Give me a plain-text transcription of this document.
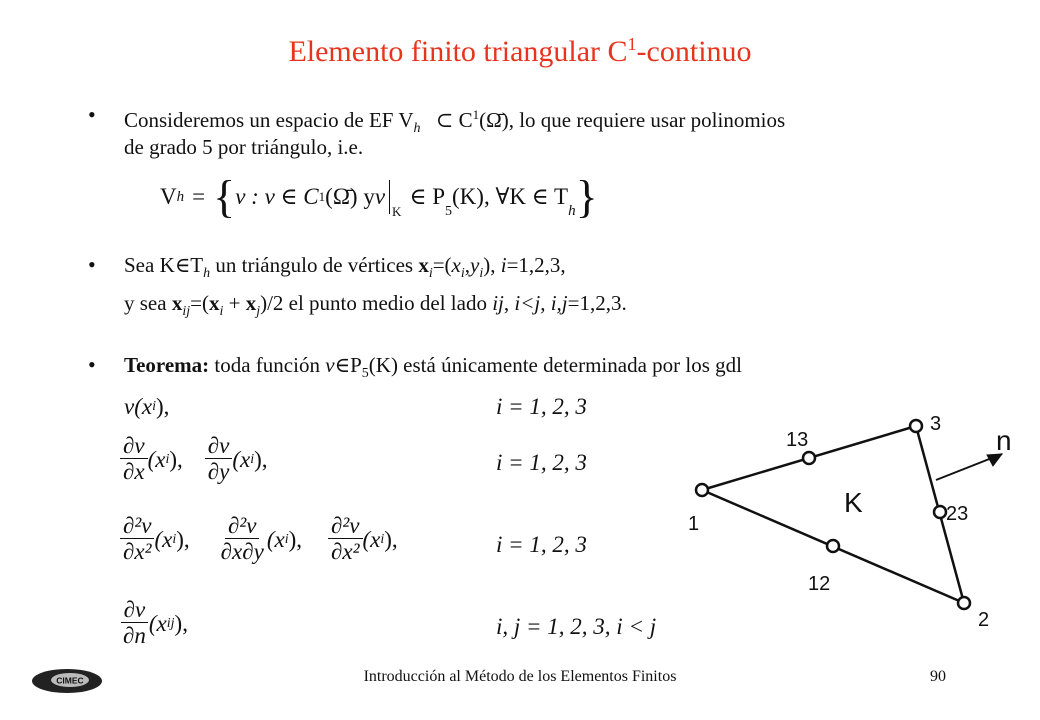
Elemento finito triangular $C^1$-continuo
• Consideremos un espacio de EF $V_h$ ⊂ $C^1(\Omegā)$, lo que requiere usar polinomios
de grado 5 por triángulo, i.e.
V h = { v : v ∈ C 1 (Ω̄) y v
$_K$
∈ P
$_5$
(K), ∀K ∈ T
$_h$ }
• Sea $K\in T_h$ un triángulo de vértices $x_i=(x_i,y_i)$, i=1,2,3,
y sea $x_{ij}=(x_i + x_j)/2$ el punto medio del lado ij, i<j, i,j=1,2,3.
• Teorema: toda función $v\in P_5(K)$ está únicamente determinada por los gdl
v(x i ),	i = 1, 2, 3
$\frac{\partial v}{\partial x} (x$ i ), $\frac{\partial v}{\partial y} (x$ i ),	i = 1, 2, 3
$\frac{\text{∂²v}}{\text{∂x²}} (x$ i ), $\frac{\text{∂²v}}{\partial x\partial y} (x$ i ), $\frac{\text{∂²v}}{\text{∂x²}} (x$ i ),	i = 1, 2, 3
$\frac{\partial v}{\partial n} (x$ ij ),	i, j = 1, 2, 3, i < j
n
K
1
2
3
12
13
23
CIMEC	Introducción al Método de los Elementos Finitos	90
